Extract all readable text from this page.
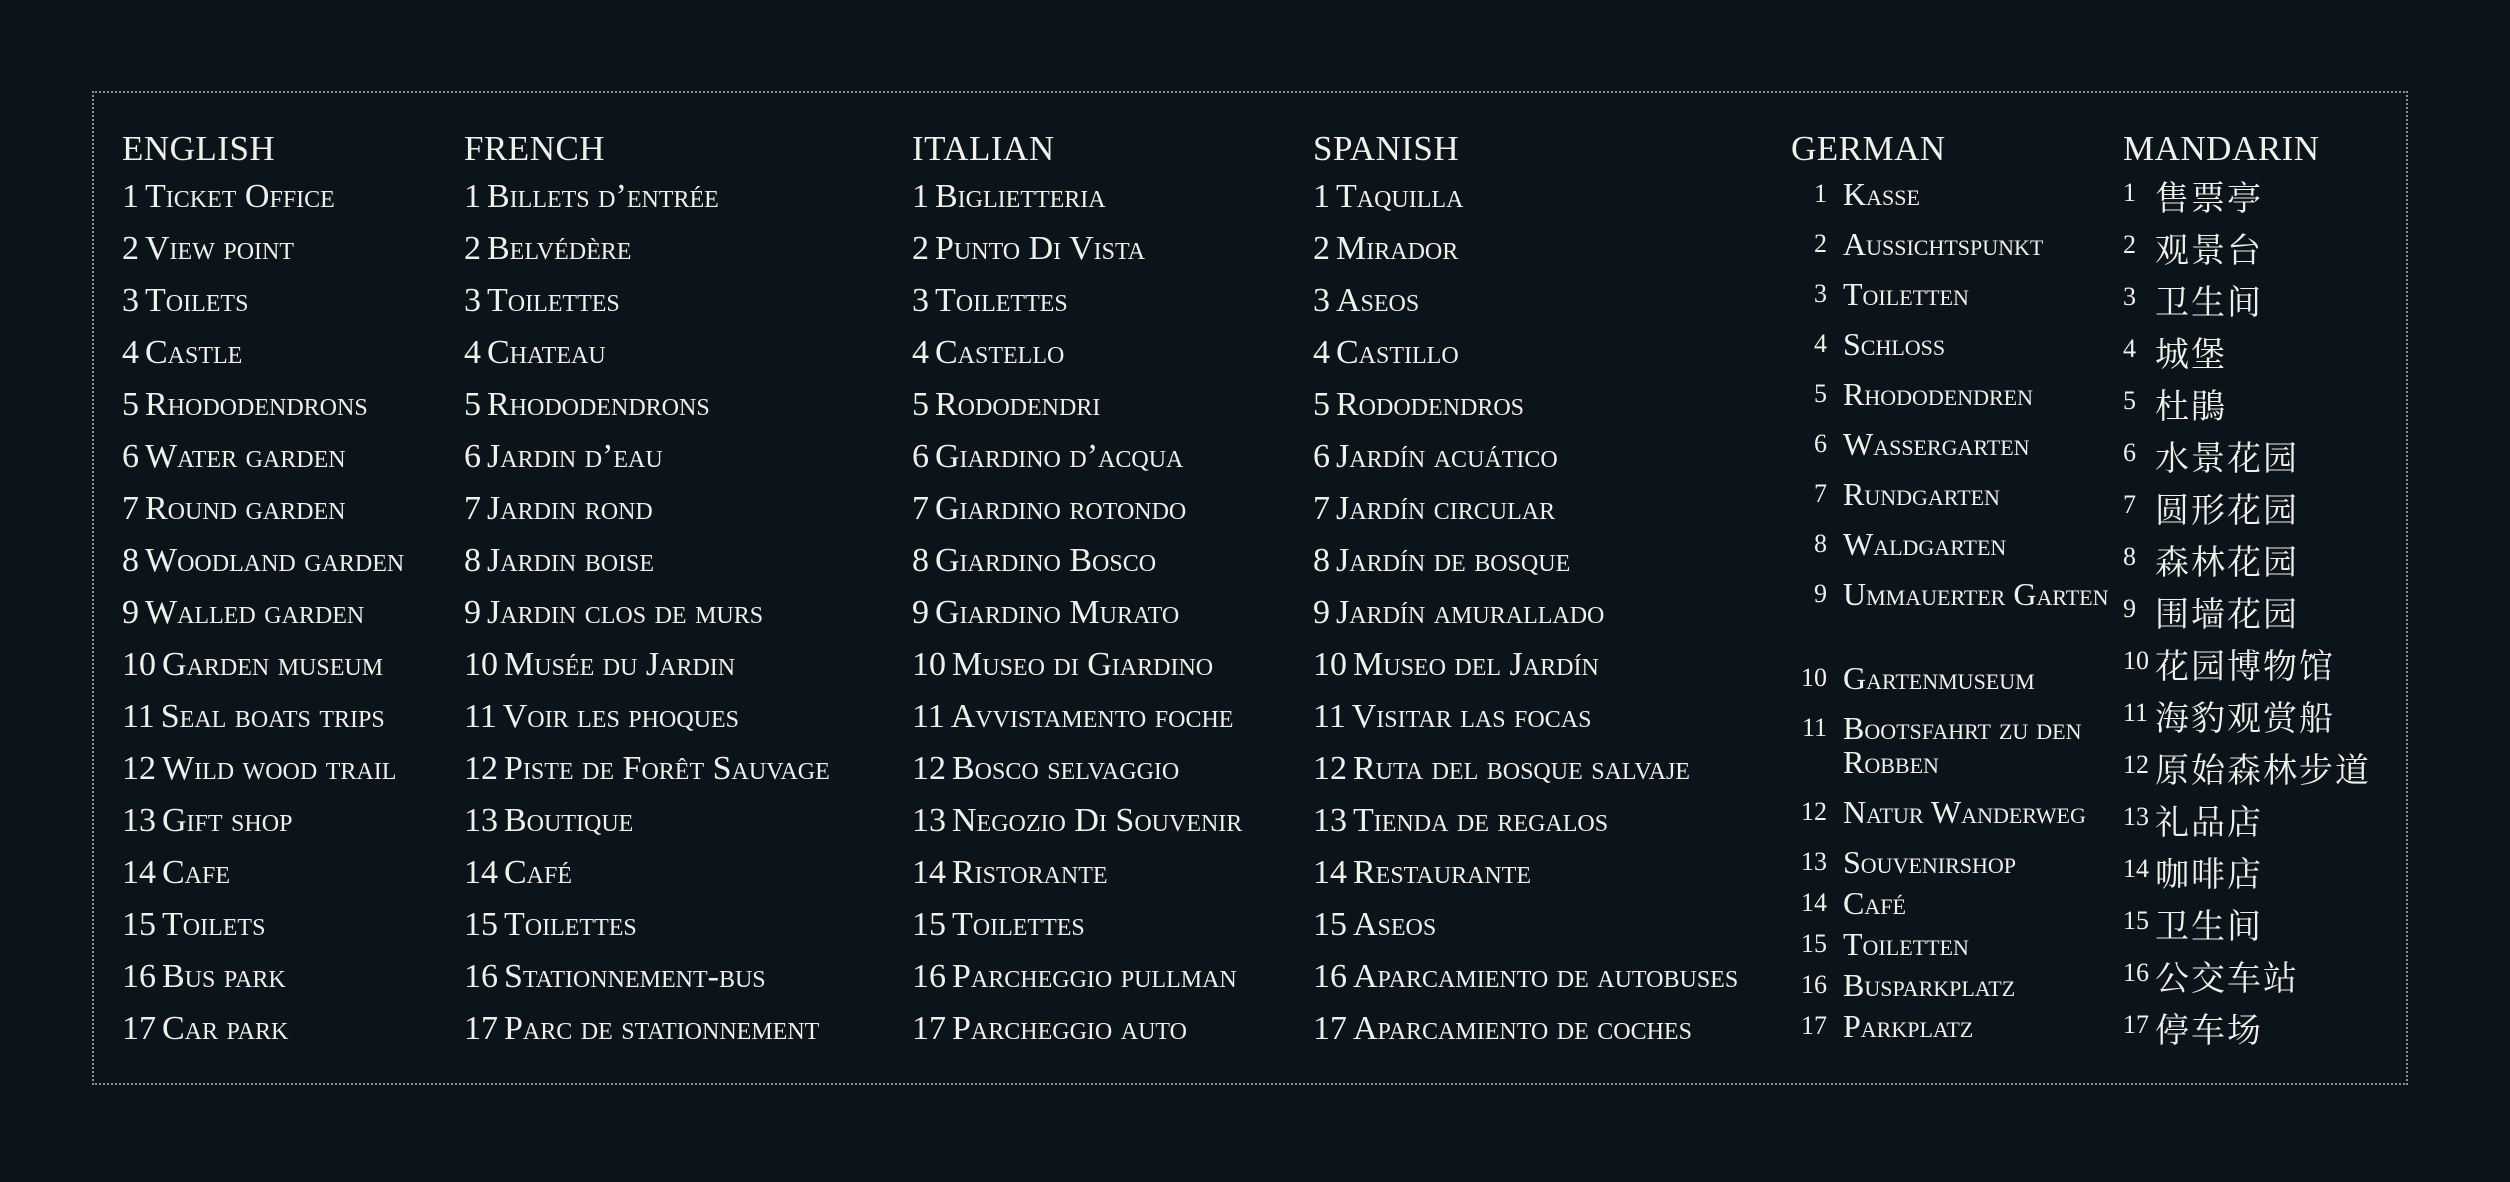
ENGLISH
1 Ticket Office
2 View point
3 Toilets
4 Castle
5 Rhododendrons
6 Water garden
7 Round garden
8 Woodland garden
9 Walled garden
10 Garden museum
11 Seal boats trips
12 Wild wood trail
13 Gift shop
14 Cafe
15 Toilets
16 Bus park
17 Car park
FRENCH
1 Billets d’entrée
2 Belvédère
3 Toilettes
4 Chateau
5 Rhododendrons
6 Jardin d’eau
7 Jardin rond
8 Jardin boise
9 Jardin clos de murs
10 Musée du Jardin
11 Voir les phoques
12 Piste de Forêt Sauvage
13 Boutique
14 Café
15 Toilettes
16 Stationnement-bus
17 Parc de stationnement
ITALIAN
1 Biglietteria
2 Punto Di Vista
3 Toilettes
4 Castello
5 Rododendri
6 Giardino d’acqua
7 Giardino rotondo
8 Giardino Bosco
9 Giardino Murato
10 Museo di Giardino
11 Avvistamento foche
12 Bosco selvaggio
13 Negozio Di Souvenir
14 Ristorante
15 Toilettes
16 Parcheggio pullman
17 Parcheggio auto
SPANISH
1 Taquilla
2 Mirador
3 Aseos
4 Castillo
5 Rododendros
6 Jardín acuático
7 Jardín circular
8 Jardín de bosque
9 Jardín amurallado
10 Museo del Jardín
11 Visitar las focas
12 Ruta del bosque salvaje
13 Tienda de regalos
14 Restaurante
15 Aseos
16 Aparcamiento de autobuses
17 Aparcamiento de coches
GERMAN
1 Kasse
2 Aussichtspunkt
3 Toiletten
4 Schloss
5 Rhododendren
6 Wassergarten
7 Rundgarten
8 Waldgarten
9 Ummauerter Garten
10 Gartenmuseum
11 Bootsfahrt zu den Robben
12 Natur Wanderweg
13 Souvenirshop
14 Café
15 Toiletten
16 Busparkplatz
17 Parkplatz
MANDARIN
1 售票亭
2 观景台
3 卫生间
4 城堡
5 杜鵑
6 水景花园
7 圆形花园
8 森林花园
9 围墙花园
10 花园博物馆
11 海豹观赏船
12 原始森林步道
13 礼品店
14 咖啡店
15 卫生间
16 公交车站
17 停车场
